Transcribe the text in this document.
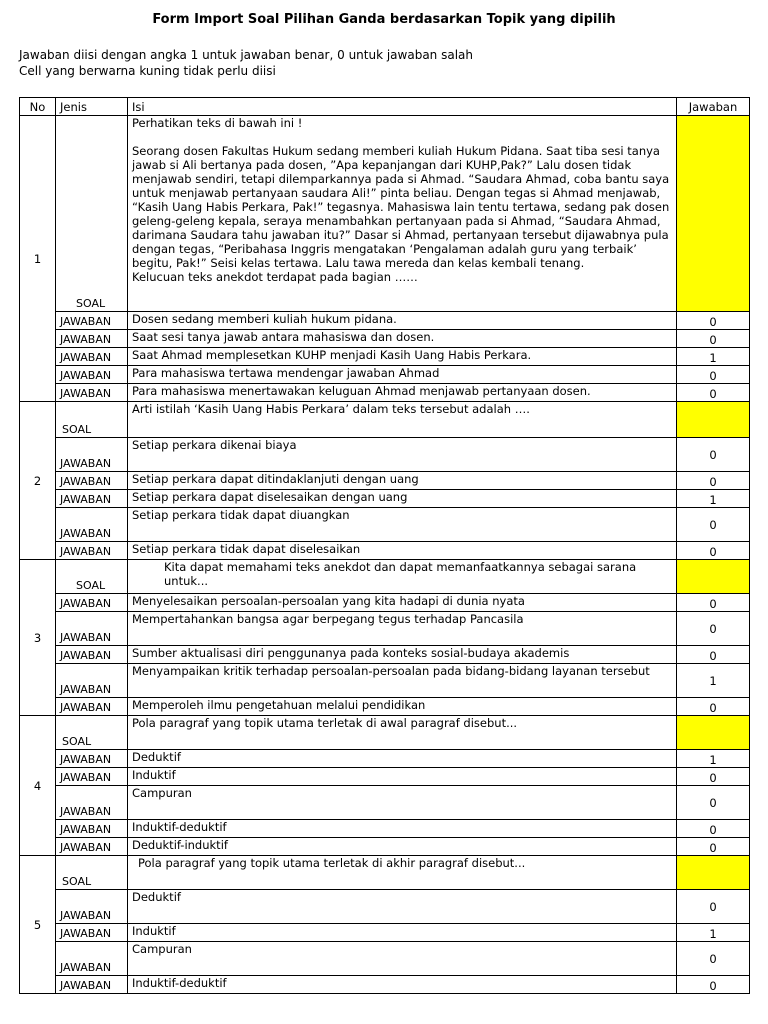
Form Import Soal Pilihan Ganda berdasarkan Topik yang dipilih
Jawaban diisi dengan angka 1 untuk jawaban benar, 0 untuk jawaban salah
Cell yang berwarna kuning tidak perlu diisi
No	Jenis	Isi	Jawaban
1	SOAL	Perhatikan teks di bawah ini !

Seorang dosen Fakultas Hukum sedang memberi kuliah Hukum Pidana. Saat tiba sesi tanya jawab si Ali bertanya pada dosen, ”Apa kepanjangan dari KUHP,Pak?” Lalu dosen tidak menjawab sendiri, tetapi dilemparkannya pada si Ahmad. “Saudara Ahmad, coba bantu saya untuk menjawab pertanyaan saudara Ali!” pinta beliau. Dengan tegas si Ahmad menjawab, “Kasih Uang Habis Perkara, Pak!” tegasnya. Mahasiswa lain tentu tertawa, sedang pak dosen geleng-geleng kepala, seraya menambahkan pertanyaan pada si Ahmad, “Saudara Ahmad, darimana Saudara tahu jawaban itu?” Dasar si Ahmad, pertanyaan tersebut dijawabnya pula dengan tegas, “Peribahasa Inggris mengatakan ‘Pengalaman adalah guru yang terbaik’ begitu, Pak!” Seisi kelas tertawa. Lalu tawa mereda dan kelas kembali tenang.
Kelucuan teks anekdot terdapat pada bagian ……	

	JAWABAN	Dosen sedang memberi kuliah hukum pidana.	0
	JAWABAN	Saat sesi tanya jawab antara mahasiswa dan dosen.	0
	JAWABAN	Saat Ahmad memplesetkan KUHP menjadi Kasih Uang Habis Perkara.	1
	JAWABAN	Para mahasiswa tertawa mendengar jawaban Ahmad	0
	JAWABAN	Para mahasiswa menertawakan keluguan Ahmad menjawab pertanyaan dosen.	0
2	SOAL	Arti istilah ‘Kasih Uang Habis Perkara’ dalam teks tersebut adalah ….	

	JAWABAN	Setiap perkara dikenai biaya	0
	JAWABAN	Setiap perkara dapat ditindaklanjuti dengan uang	0
	JAWABAN	Setiap perkara dapat diselesaikan dengan uang	1
	JAWABAN	Setiap perkara tidak dapat diuangkan	0
	JAWABAN	Setiap perkara tidak dapat diselesaikan	0
3	SOAL	Kita dapat memahami teks anekdot dan dapat memanfaatkannya sebagai sarana untuk...	

	JAWABAN	Menyelesaikan persoalan-persoalan yang kita hadapi di dunia nyata	0
	JAWABAN	Mempertahankan bangsa agar berpegang tegus terhadap Pancasila	0
	JAWABAN	Sumber aktualisasi diri penggunanya pada konteks sosial-budaya akademis	0
	JAWABAN	Menyampaikan kritik terhadap persoalan-persoalan pada bidang-bidang layanan tersebut	1
	JAWABAN	Memperoleh ilmu pengetahuan melalui pendidikan	0
4	SOAL	Pola paragraf yang topik utama terletak di awal paragraf disebut...	

	JAWABAN	Deduktif	1
	JAWABAN	Induktif	0
	JAWABAN	Campuran	0
	JAWABAN	Induktif-deduktif	0
	JAWABAN	Deduktif-induktif	0
5	SOAL	Pola paragraf yang topik utama terletak di akhir paragraf disebut...	

	JAWABAN	Deduktif	0
	JAWABAN	Induktif	1
	JAWABAN	Campuran	0
	JAWABAN	Induktif-deduktif	0
